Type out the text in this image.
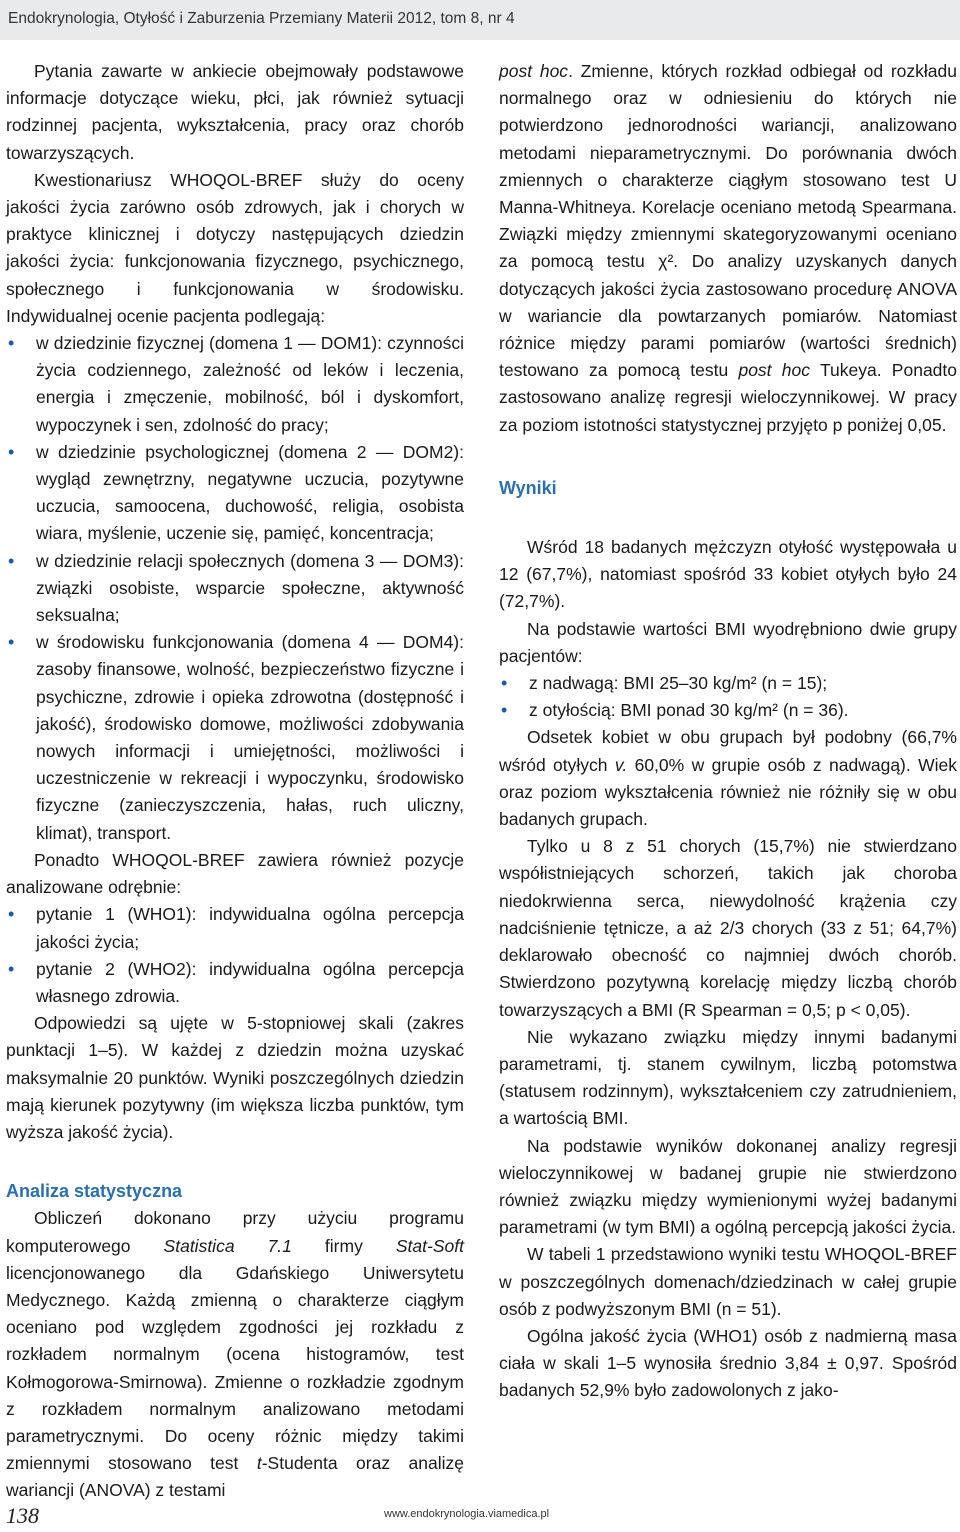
Endokrynologia, Otyłość i Zaburzenia Przemiany Materii 2012, tom 8, nr 4

Pytania zawarte w ankiecie obejmowały podstawowe informacje dotyczące wieku, płci, jak również sytuacji rodzinnej pacjenta, wykształcenia, pracy oraz chorób towarzyszących.

Kwestionariusz WHOQOL-BREF służy do oceny jakości życia zarówno osób zdrowych, jak i chorych w praktyce klinicznej i dotyczy następujących dziedzin jakości życia: funkcjonowania fizycznego, psychicznego, społecznego i funkcjonowania w środowisku. Indywidualnej ocenie pacjenta podlegają:

• w dziedzinie fizycznej (domena 1 — DOM1): czynności życia codziennego, zależność od leków i leczenia, energia i zmęczenie, mobilność, ból i dyskomfort, wypoczynek i sen, zdolność do pracy;
• w dziedzinie psychologicznej (domena 2 — DOM2): wygląd zewnętrzny, negatywne uczucia, pozytywne uczucia, samoocena, duchowość, religia, osobista wiara, myślenie, uczenie się, pamięć, koncentracja;
• w dziedzinie relacji społecznych (domena 3 — DOM3): związki osobiste, wsparcie społeczne, aktywność seksualna;
• w środowisku funkcjonowania (domena 4 — DOM4): zasoby finansowe, wolność, bezpieczeństwo fizyczne i psychiczne, zdrowie i opieka zdrowotna (dostępność i jakość), środowisko domowe, możliwości zdobywania nowych informacji i umiejętności, możliwości i uczestniczenie w rekreacji i wypoczynku, środowisko fizyczne (zanieczyszczenia, hałas, ruch uliczny, klimat), transport.

Ponadto WHOQOL-BREF zawiera również pozycje analizowane odrębnie:

• pytanie 1 (WHO1): indywidualna ogólna percepcja jakości życia;
• pytanie 2 (WHO2): indywidualna ogólna percepcja własnego zdrowia.

Odpowiedzi są ujęte w 5-stopniowej skali (zakres punktacji 1–5). W każdej z dziedzin można uzyskać maksymalnie 20 punktów. Wyniki poszczególnych dziedzin mają kierunek pozytywny (im większa liczba punktów, tym wyższa jakość życia).

Analiza statystyczna

Obliczeń dokonano przy użyciu programu komputerowego Statistica 7.1 firmy Stat-Soft licencjonowanego dla Gdańskiego Uniwersytetu Medycznego. Każdą zmienną o charakterze ciągłym oceniano pod względem zgodności jej rozkładu z rozkładem normalnym (ocena histogramów, test Kołmogorowa-Smirnowa). Zmienne o rozkładzie zgodnym z rozkładem normalnym analizowano metodami parametrycznymi. Do oceny różnic między takimi zmiennymi stosowano test t-Studenta oraz analizę wariancji (ANOVA) z testami

post hoc. Zmienne, których rozkład odbiegał od rozkładu normalnego oraz w odniesieniu do których nie potwierdzono jednorodności wariancji, analizowano metodami nieparametrycznymi. Do porównania dwóch zmiennych o charakterze ciągłym stosowano test U Manna-Whitneya. Korelacje oceniano metodą Spearmana. Związki między zmiennymi skategoryzowanymi oceniano za pomocą testu χ². Do analizy uzyskanych danych dotyczących jakości życia zastosowano procedurę ANOVA w wariancie dla powtarzanych pomiarów. Natomiast różnice między parami pomiarów (wartości średnich) testowano za pomocą testu post hoc Tukeya. Ponadto zastosowano analizę regresji wieloczynnikowej. W pracy za poziom istotności statystycznej przyjęto p poniżej 0,05.

Wyniki

Wśród 18 badanych mężczyzn otyłość występowała u 12 (67,7%), natomiast spośród 33 kobiet otyłych było 24 (72,7%).

Na podstawie wartości BMI wyodrębniono dwie grupy pacjentów:

• z nadwagą: BMI 25–30 kg/m² (n = 15);
• z otyłością: BMI ponad 30 kg/m² (n = 36).

Odsetek kobiet w obu grupach był podobny (66,7% wśród otyłych v. 60,0% w grupie osób z nadwagą). Wiek oraz poziom wykształcenia również nie różniły się w obu badanych grupach.

Tylko u 8 z 51 chorych (15,7%) nie stwierdzano współistniejących schorzeń, takich jak choroba niedokrwienna serca, niewydolność krążenia czy nadciśnienie tętnicze, a aż 2/3 chorych (33 z 51; 64,7%) deklarowało obecność co najmniej dwóch chorób. Stwierdzono pozytywną korelację między liczbą chorób towarzyszących a BMI (R Spearman = 0,5; p < 0,05).

Nie wykazano związku między innymi badanymi parametrami, tj. stanem cywilnym, liczbą potomstwa (statusem rodzinnym), wykształceniem czy zatrudnieniem, a wartością BMI.

Na podstawie wyników dokonanej analizy regresji wieloczynnikowej w badanej grupie nie stwierdzono również związku między wymienionymi wyżej badanymi parametrami (w tym BMI) a ogólną percepcją jakości życia.

W tabeli 1 przedstawiono wyniki testu WHOQOL-BREF w poszczególnych domenach/dziedzinach w całej grupie osób z podwyższonym BMI (n = 51).

Ogólna jakość życia (WHO1) osób z nadmierną masa ciała w skali 1–5 wynosiła średnio 3,84 ± 0,97. Spośród badanych 52,9% było zadowolonych z jako-

138	www.endokrynologia.viamedica.pl
